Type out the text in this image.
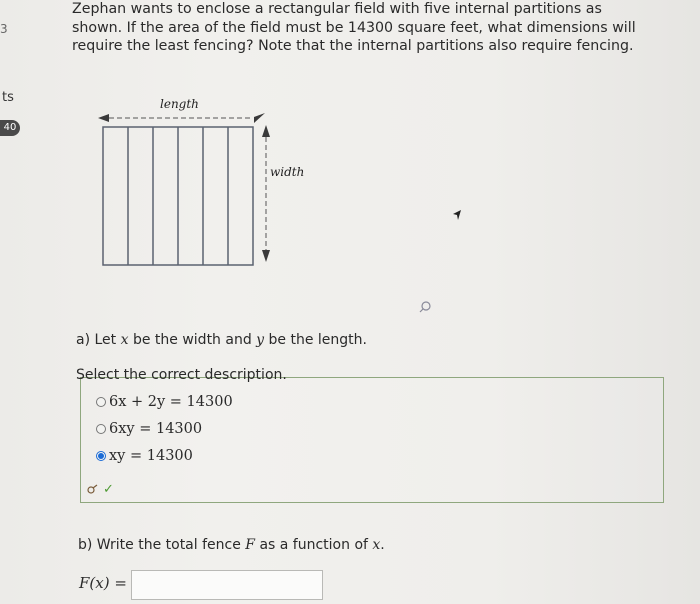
3
ts
40
Zephan wants to enclose a rectangular field with five internal partitions as shown. If the area of the field must be 14300 square feet, what dimensions will require the least fencing? Note that the internal partitions also require fencing.
length
width
a) Let x be the width and y be the length.
6x + 2y = 14300
6xy = 14300
xy = 14300
✓
Select the correct description.
b) Write the total fence F as a function of x.
F(x) =
